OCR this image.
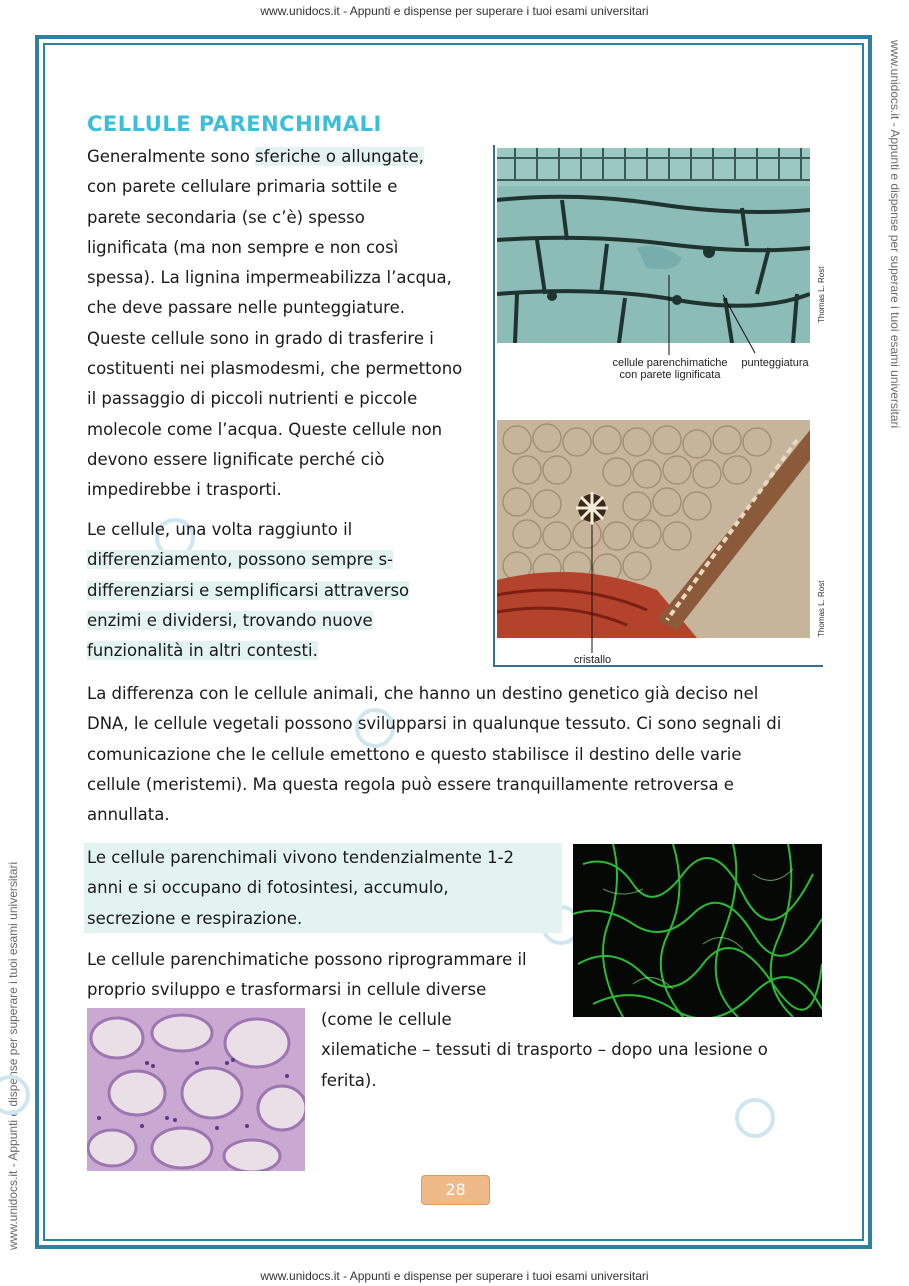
www.unidocs.it - Appunti e dispense per superare i tuoi esami universitari
www.unidocs.it - Appunti e dispense per superare i tuoi esami universitari
www.unidocs.it - Appunti e dispense per superare i tuoi esami universitari
www.unidocs.it - Appunti e dispense per superare i tuoi esami universitari
CELLULE PARENCHIMALI
Generalmente sono sferiche o allungate,
con parete cellulare primaria sottile e
parete secondaria (se c’è) spesso
lignificata (ma non sempre e non così
spessa). La lignina impermeabilizza l’acqua,
che deve passare nelle punteggiature.
Queste cellule sono in grado di trasferire i
costituenti nei plasmodesmi, che permettono
il passaggio di piccoli nutrienti e piccole
molecole come l’acqua. Queste cellule non
devono essere lignificate perché ciò
impedirebbe i trasporti.
Le cellule, una volta raggiunto il
differenziamento, possono sempre s-
differenziarsi e semplificarsi attraverso
enzimi e dividersi, trovando nuove
funzionalità in altri contesti.
Thomas L. Rost
cellule parenchimatiche
con parete lignificata
punteggiatura
cristallo
Thomas L. Rost
La differenza con le cellule animali, che hanno un destino genetico già deciso nel
DNA, le cellule vegetali possono svilupparsi in qualunque tessuto. Ci sono segnali di
comunicazione che le cellule emettono e questo stabilisce il destino delle varie
cellule (meristemi). Ma questa regola può essere tranquillamente retroversa e
annullata.
Le cellule parenchimali vivono tendenzialmente 1-2
anni e si occupano di fotosintesi, accumulo,
secrezione e respirazione.
Le cellule parenchimatiche possono riprogrammare il
proprio sviluppo e trasformarsi in cellule diverse
(come le cellule
xilematiche – tessuti di trasporto – dopo una lesione o
ferita).
28
